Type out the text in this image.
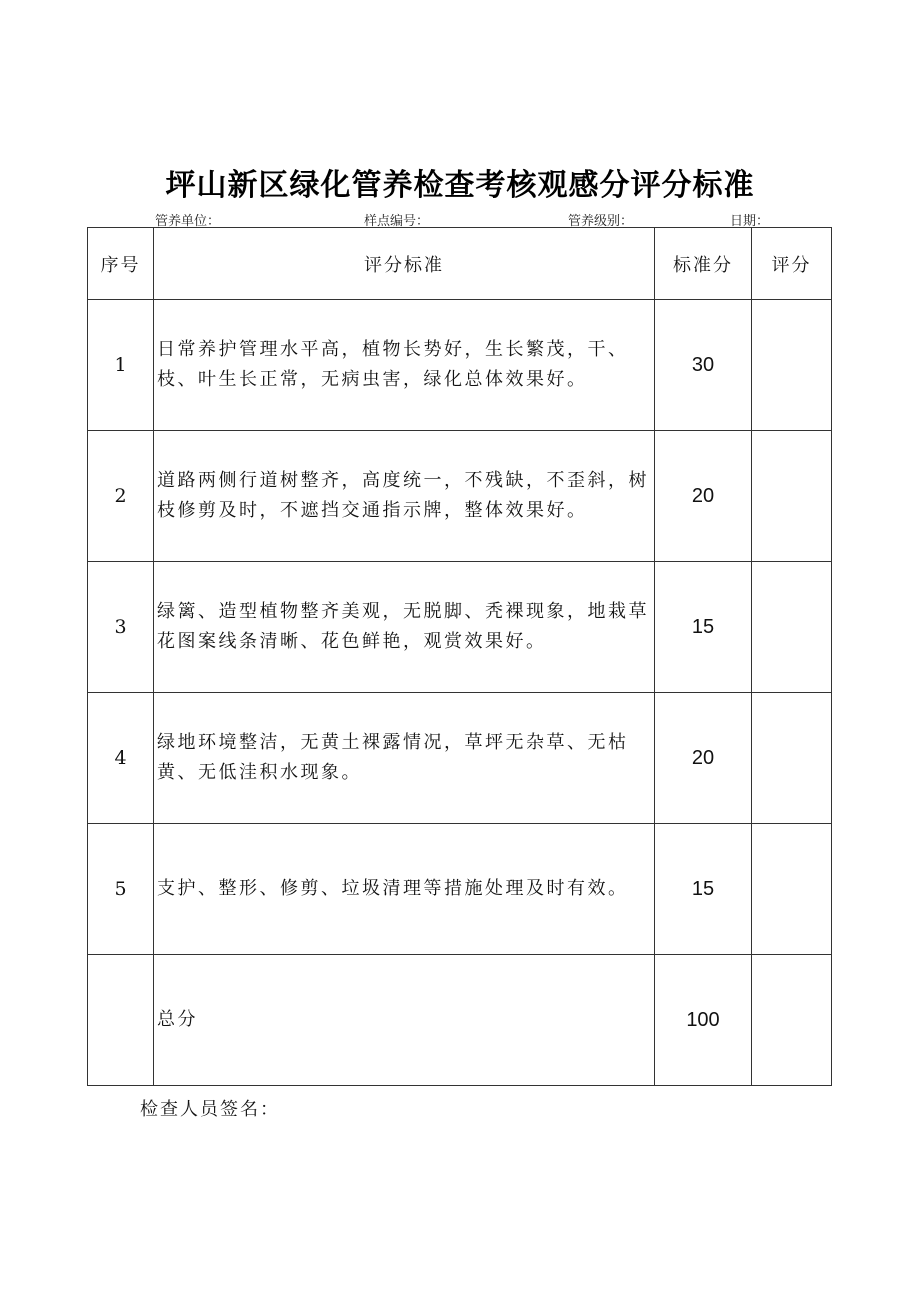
坪山新区绿化管养检查考核观感分评分标准
管养单位：	样点编号：	管养级别：	日期：
序号	评分标准	标准分	评分
1	日常养护管理水平高，植物长势好，生长繁茂，干、枝、叶生长正常，无病虫害，绿化总体效果好。	30	
2	道路两侧行道树整齐，高度统一，不残缺，不歪斜，树枝修剪及时，不遮挡交通指示牌，整体效果好。	20	
3	绿篱、造型植物整齐美观，无脱脚、秃裸现象，地栽草花图案线条清晰、花色鲜艳，观赏效果好。	15	
4	绿地环境整洁，无黄土裸露情况，草坪无杂草、无枯黄、无低洼积水现象。	20	
5	支护、整形、修剪、垃圾清理等措施处理及时有效。	15	
	总分	100	
检查人员签名：
